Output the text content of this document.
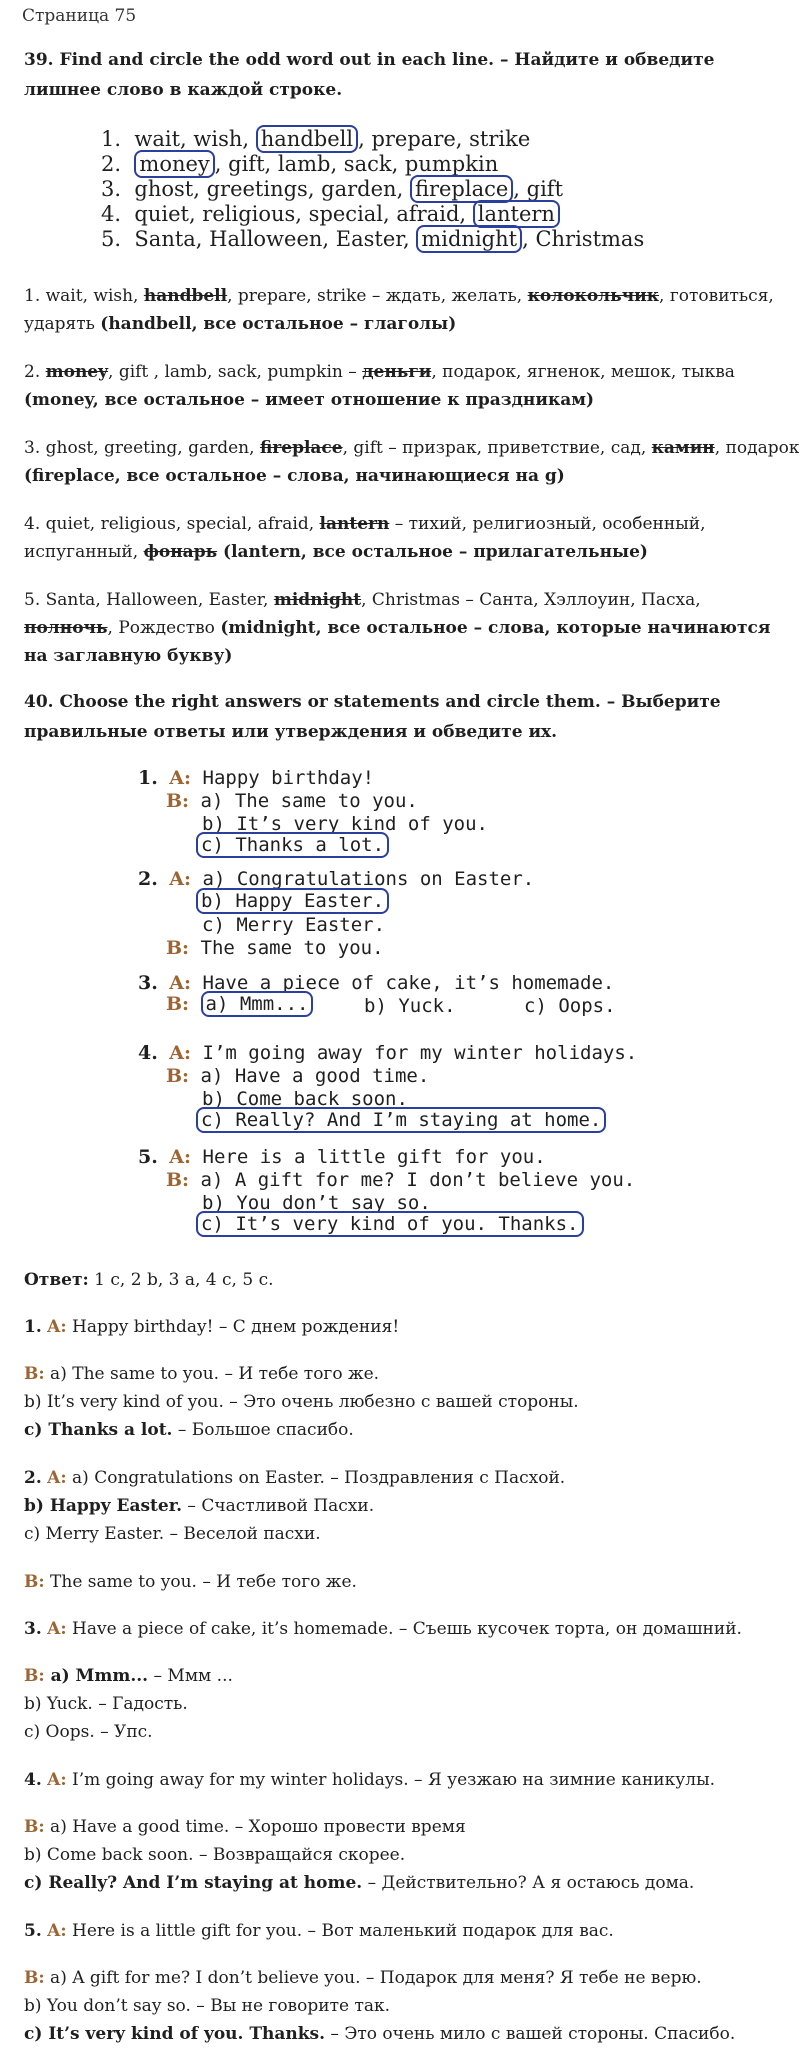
Страница 75
39. Find and circle the odd word out in each line. – Найдите и обведите
лишнее слово в каждой строке.
1. wait, wish, handbell , prepare, strike
2. money , gift, lamb, sack, pumpkin
3. ghost, greetings, garden, fireplace , gift
4. quiet, religious, special, afraid, lantern
5. Santa, Halloween, Easter, midnight , Christmas
1. wait, wish, handbell, prepare, strike – ждать, желать, колокольчик, готовиться,
ударять (handbell, все остальное – глаголы)
2. money, gift , lamb, sack, pumpkin – деньги, подарок, ягненок, мешок, тыква
(money, все остальное – имеет отношение к праздникам)
3. ghost, greeting, garden, fireplace, gift – призрак, приветствие, сад, камин, подарок
(fireplace, все остальное – слова, начинающиеся на g)
4. quiet, religious, special, afraid, lantern – тихий, религиозный, особенный,
испуганный, фонарь (lantern, все остальное – прилагательные)
5. Santa, Halloween, Easter, midnight, Christmas – Санта, Хэллоуин, Пасха,
полночь, Рождество (midnight, все остальное – слова, которые начинаются
на заглавную букву)
40. Choose the right answers or statements and circle them. – Выберите
правильные ответы или утверждения и обведите их.
1. A: Happy birthday!
B: a) The same to you.
b) It’s very kind of you.
c) Thanks a lot.
2. A: a) Congratulations on Easter.
b) Happy Easter.
c) Merry Easter.
B: The same to you.
3. A: Have a piece of cake, it’s homemade.
B: a) Mmm...	b) Yuck.	c) Oops.
4. A: I’m going away for my winter holidays.
B: a) Have a good time.
b) Come back soon.
c) Really? And I’m staying at home.
5. A: Here is a little gift for you.
B: a) A gift for me? I don’t believe you.
b) You don’t say so.
c) It’s very kind of you. Thanks.
Ответ: 1 c, 2 b, 3 a, 4 c, 5 c.
1. A: Happy birthday! – С днем рождения!
B: a) The same to you. – И тебе того же.
b) It’s very kind of you. – Это очень любезно с вашей стороны.
c) Thanks a lot. – Большое спасибо.
2. A: a) Congratulations on Easter. – Поздравления с Пасхой.
b) Happy Easter. – Счастливой Пасхи.
c) Merry Easter. – Веселой пасхи.
B: The same to you. – И тебе того же.
3. A: Have a piece of cake, it’s homemade. – Съешь кусочек торта, он домашний.
B: a) Mmm... – Ммм ...
b) Yuck. – Гадость.
c) Oops. – Упс.
4. A: I’m going away for my winter holidays. – Я уезжаю на зимние каникулы.
B: a) Have a good time. – Хорошо провести время
b) Come back soon. – Возвращайся скорее.
c) Really? And I’m staying at home. – Действительно? А я остаюсь дома.
5. A: Here is a little gift for you. – Вот маленький подарок для вас.
B: a) A gift for me? I don’t believe you. – Подарок для меня? Я тебе не верю.
b) You don’t say so. – Вы не говорите так.
c) It’s very kind of you. Thanks. – Это очень мило с вашей стороны. Спасибо.
